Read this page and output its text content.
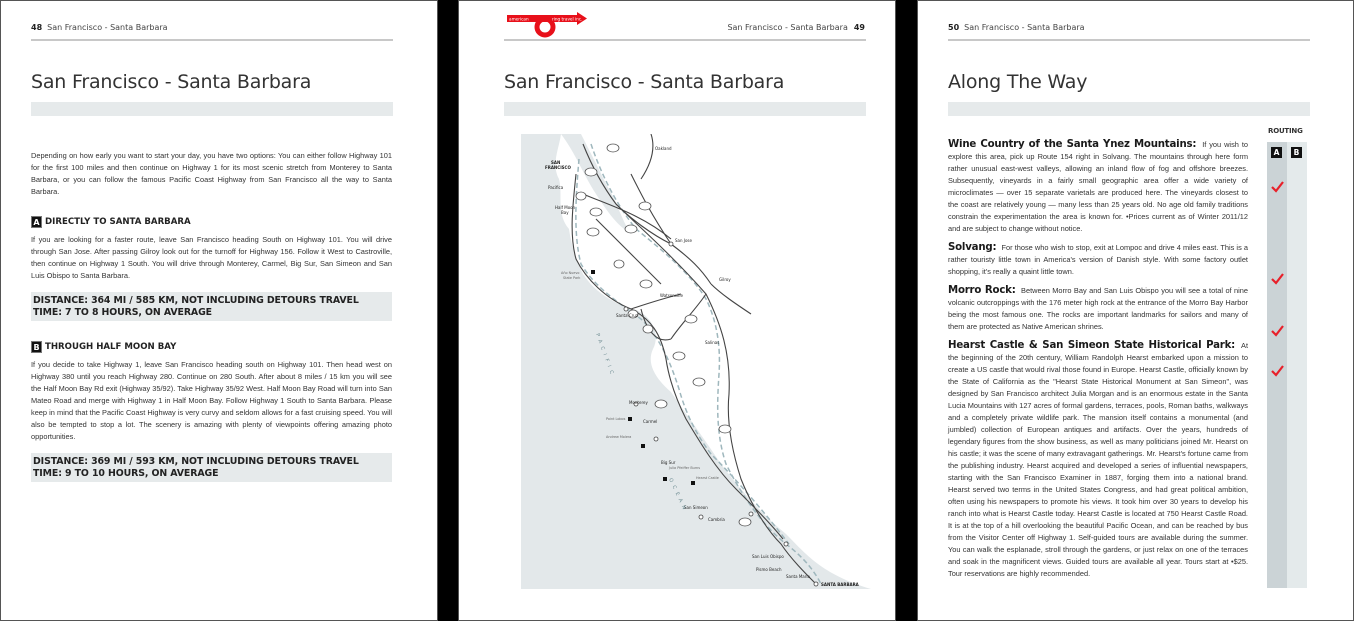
48 San Francisco - Santa Barbara
San Francisco - Santa Barbara

Depending on how early you want to start your day, you have two options: You can either follow Highway 101 for the first 100 miles and then continue on Highway 1 for its most scenic stretch from Monterey to Santa Barbara, or you can follow the famous Pacific Coast Highway from San Francisco all the way to Santa Barbara.

A DIRECTLY TO SANTA BARBARA

If you are looking for a faster route, leave San Francisco heading South on Highway 101. You will drive through San Jose. After passing Gilroy look out for the turnoff for Highway 156. Follow it West to Castroville, then continue on Highway 1 South. You will drive through Monterey, Carmel, Big Sur, San Simeon and San Luis Obispo to Santa Barbara.

DISTANCE: 364 MI / 585 KM, NOT INCLUDING DETOURS TRAVEL TIME: 7 TO 8 HOURS, ON AVERAGE
B THROUGH HALF MOON BAY

If you decide to take Highway 1, leave San Francisco heading south on Highway 101. Then head west on Highway 380 until you reach Highway 280. Continue on 280 South. After about 8 miles / 15 km you will see the Half Moon Bay Rd exit (Highway 35/92). Take Highway 35/92 West. Half Moon Bay Road will turn into San Mateo Road and merge with Highway 1 in Half Moon Bay. Follow Highway 1 South to Santa Barbara. Please keep in mind that the Pacific Coast Highway is very curvy and seldom allows for a fast cruising speed. You will also be tempted to stop a lot. The scenery is amazing with plenty of viewpoints offering amazing photo opportunities.

DISTANCE: 369 MI / 593 KM, NOT INCLUDING DETOURS TRAVEL TIME: 9 TO 10 HOURS, ON AVERAGE
american	ring travel inc.
San Francisco - Santa Barbara 49
San Francisco - Santa Barbara
Oakland
SAN
FRANCISCO
Pacifica
Half Moon
Bay
San Jose
Santa Cruz
Watsonville
Gilroy
Salinas
Monterey
Carmel
Big Sur
San Simeon
Cambria
San Luis Obispo
Pismo Beach
Santa Maria
SANTA BARBARA
Año Nuevo
State Park
Point Lobos
Andrew Molera
Julia Pfeiffer Burns
Hearst Castle
PACIFIC
OCEAN
50 San Francisco - Santa Barbara
Along The Way

Wine Country of the Santa Ynez Mountains: If you wish to explore this area, pick up Route 154 right in Solvang. The mountains through here form rather unusual east-west valleys, allowing an inland flow of fog and offshore breezes. Subsequently, vineyards in a fairly small geographic area offer a wide variety of microclimates — over 15 separate varietals are produced here. The vineyards closest to the coast are relatively young — many less than 25 years old. No age old family traditions constrain the experimentation the area is known for. •Prices current as of Winter 2011/12 and are subject to change without notice.

Solvang: For those who wish to stop, exit at Lompoc and drive 4 miles east. This is a rather touristy little town in America's version of Danish style. With some factory outlet shopping, it's really a quaint little town.

Morro Rock: Between Morro Bay and San Luis Obispo you will see a total of nine volcanic outcroppings with the 176 meter high rock at the entrance of the Morro Bay Harbor being the most famous one. The rocks are important landmarks for sailors and many of them are protected as Native American shrines.

Hearst Castle & San Simeon State Historical Park: At the beginning of the 20th century, William Randolph Hearst embarked upon a mission to create a US castle that would rival those found in Europe. Hearst Castle, officially known by the State of California as the "Hearst State Historical Monument at San Simeon", was designed by San Francisco architect Julia Morgan and is an enormous estate in the Santa Lucia Mountains with 127 acres of formal gardens, terraces, pools, Roman baths, walkways and a completely private wildlife park. The mansion itself contains a monumental (and jumbled) collection of European antiques and artifacts. Over the years, hundreds of legendary figures from the show business, as well as many politicians joined Mr. Hearst on his castle; it was the scene of many extravagant gatherings. Mr. Hearst's fortune came from the publishing industry. Hearst acquired and developed a series of influential newspapers, starting with the San Francisco Examiner in 1887, forging them into a national brand. Hearst served two terms in the United States Congress, and had great political ambition, often using his newspapers to promote his views. It took him over 30 years to develop his ranch into what is Hearst Castle today. Hearst Castle is located at 750 Hearst Castle Road. It is at the top of a hill overlooking the beautiful Pacific Ocean, and can be reached by bus from the Visitor Center off Highway 1. Self-guided tours are available during the summer. You can walk the esplanade, stroll through the gardens, or just relax on one of the terraces and soak in the magnificent views. Guided tours are available all year. Tours start at •$25. Tour reservations are highly recommended.

ROUTING
A	B
